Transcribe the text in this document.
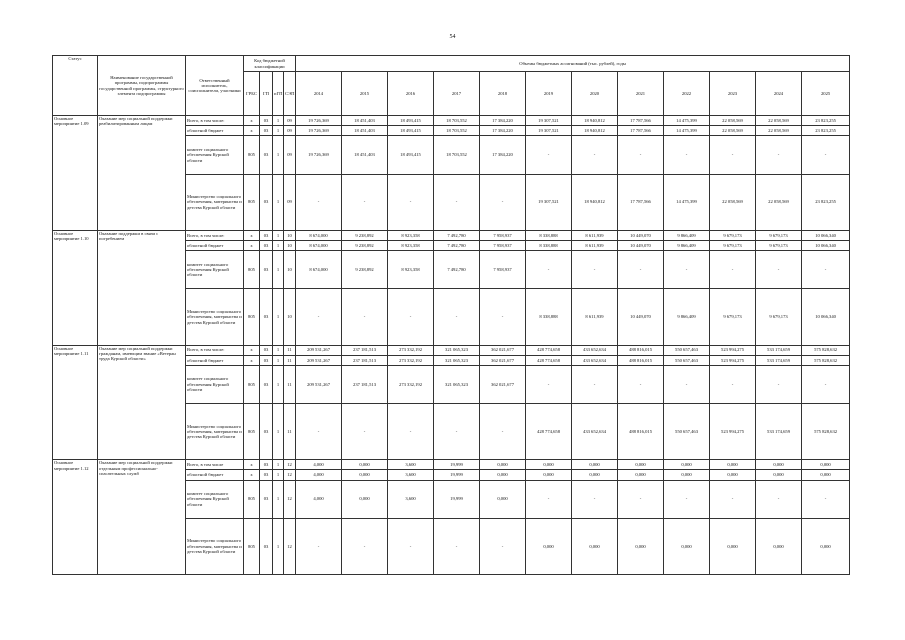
54
Статус	Наименование государственной программы, подпрограммы государственной программы, структурного элемента подпрограммы	Ответственный исполнитель, соисполнители, участники	Код бюджетной классификации				Объемы бюджетных ассигнований (тыс. рублей), годы											
			ГРБС	ГП	пГП	СЭП	2014	2015	2016	2017	2018	2019	2020	2021	2022	2023	2024	2025
Основное мероприятие 1.09	Оказание мер социальной поддержки реабилитированным лицам	Всего, в том числе:	х	03	1	09	19 726,369	18 451,403	18 493,415	18 703,552	17 384,220	19 307,521	18 940,812	17 787,566	14 475,399	22 058,569	22 058,569	23 823,255
		областной бюджет	х	03	1	09	19 726,369	18 451,403	18 493,415	18 703,552	17 384,220	19 307,521	18 940,812	17 787,566	14 475,399	22 058,569	22 058,569	23 823,255
		комитет социального обеспечения Курской области	805	03	1	09	19 726,369	18 451,403	18 493,415	18 703,552	17 384,220	-	-	-	-	-	-	-
		Министерство социального обеспечения, материнства и детства Курской области	805	03	1	09	-	-	-	-	-	19 307,521	18 940,812	17 787,566	14 475,399	22 058,569	22 058,569	23 823,255
Основное мероприятие 1.10	Оказание поддержки в связи с погребением	Всего, в том числе:	х	03	1	10	8 674,000	9 238,892	8 923,358	7 492,780	7 958,937	8 338,888	8 611,939	10 449,070	9 866,409	9 679,173	9 679,173	10 066,340
		областной бюджет	х	03	1	10	8 674,000	9 238,892	8 923,358	7 492,780	7 958,937	8 338,888	8 611,939	10 449,070	9 866,409	9 679,173	9 679,173	10 066,340
		комитет социального обеспечения Курской области	805	03	1	10	8 674,000	9 238,892	8 923,358	7 492,780	7 958,937	-	-	-	-	-	-	-
		Министерство социального обеспечения, материнства и детства Курской области	805	03	1	10	-	-	-	-	-	8 338,888	8 611,939	10 449,070	9 866,409	9 679,173	9 679,173	10 066,340
Основное мероприятие 1.11	Оказание мер социальной поддержки гражданам, имеющим звание «Ветеран труда Курской области»	Всего, в том числе:	х	03	1	11	209 531,267	237 181,513	273 332,192	321 065,323	362 021,677	428 774,658	433 652,634	488 816,015	550 657,463	523 994,275	533 174,659	575 828,632
		областной бюджет	х	03	1	11	209 531,267	237 181,513	273 332,192	321 065,323	362 021,677	428 774,658	433 652,634	488 816,015	550 657,463	523 994,275	533 174,659	575 828,632
		комитет социального обеспечения Курской области	805	03	1	11	209 531,267	237 181,513	273 332,192	321 065,323	362 021,677	-	-	-	-	-	-	-
		Министерство социального обеспечения, материнства и детства Курской области	805	03	1	11	-	-	-	-	-	428 774,658	433 652,634	488 816,015	550 657,463	523 994,275	533 174,659	575 828,632
Основное мероприятие 1.12	Оказание мер социальной поддержки отдельным профессионально-спасательных служб	Всего, в том числе	х	03	1	12	4,000	0,000	3,600	19,999	0,000	0,000	0,000	0,000	0,000	0,000	0,000	0,000
		областной бюджет	х	03	1	12	4,000	0,000	3,600	19,999	0,000	0,000	0,000	0,000	0,000	0,000	0,000	0,000
		комитет социального обеспечения Курской области	805	03	1	12	4,000	0,000	3,600	19,999	0,000	-	-	-	-	-	-	-
		Министерство социального обеспечения, материнства и детства Курской области	805	03	1	12	-	-	-	-	-	0,000	0,000	0,000	0,000	0,000	0,000	0,000
